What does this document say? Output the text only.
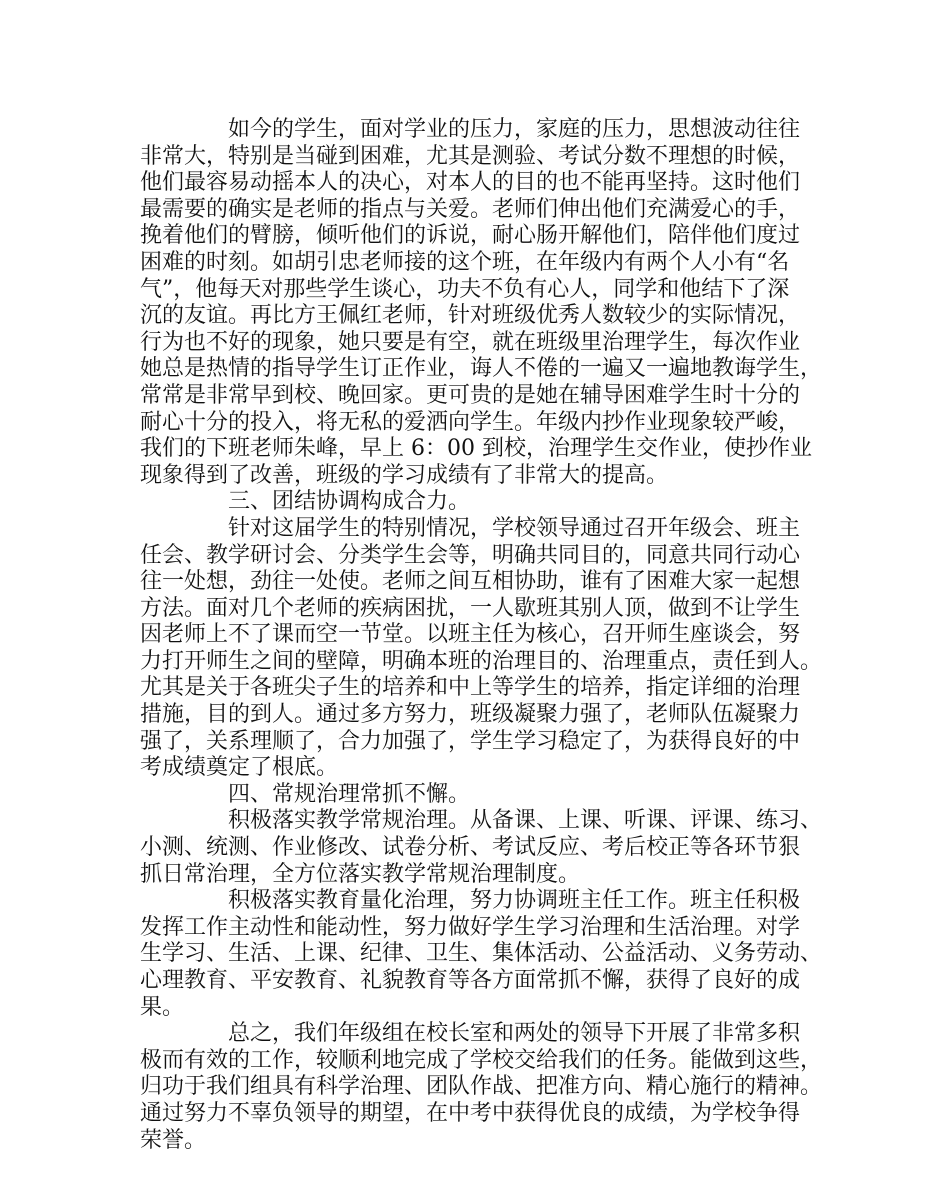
如今的学生，面对学业的压力，家庭的压力，思想波动往往
非常大，特别是当碰到困难，尤其是测验、考试分数不理想的时候，
他们最容易动摇本人的决心，对本人的目的也不能再坚持。这时他们
最需要的确实是老师的指点与关爱。老师们伸出他们充满爱心的手，
挽着他们的臂膀，倾听他们的诉说，耐心肠开解他们，陪伴他们度过
困难的时刻。如胡引忠老师接的这个班，在年级内有两个人小有“名
气”，他每天对那些学生谈心，功夫不负有心人，同学和他结下了深
沉的友谊。再比方王佩红老师，针对班级优秀人数较少的实际情况，
行为也不好的现象，她只要是有空，就在班级里治理学生，每次作业
她总是热情的指导学生订正作业，诲人不倦的一遍又一遍地教诲学生，
常常是非常早到校、晚回家。更可贵的是她在辅导困难学生时十分的
耐心十分的投入，将无私的爱洒向学生。年级内抄作业现象较严峻，
我们的下班老师朱峰，早上 6：00 到校，治理学生交作业，使抄作业
现象得到了改善，班级的学习成绩有了非常大的提高。
三、团结协调构成合力。
针对这届学生的特别情况，学校领导通过召开年级会、班主
任会、教学研讨会、分类学生会等，明确共同目的，同意共同行动心
往一处想，劲往一处使。老师之间互相协助，谁有了困难大家一起想
方法。面对几个老师的疾病困扰，一人歇班其别人顶，做到不让学生
因老师上不了课而空一节堂。以班主任为核心，召开师生座谈会，努
力打开师生之间的壁障，明确本班的治理目的、治理重点，责任到人。
尤其是关于各班尖子生的培养和中上等学生的培养，指定详细的治理
措施，目的到人。通过多方努力，班级凝聚力强了，老师队伍凝聚力
强了，关系理顺了，合力加强了，学生学习稳定了，为获得良好的中
考成绩奠定了根底。
四、常规治理常抓不懈。
积极落实教学常规治理。从备课、上课、听课、评课、练习、
小测、统测、作业修改、试卷分析、考试反应、考后校正等各环节狠
抓日常治理，全方位落实教学常规治理制度。
积极落实教育量化治理，努力协调班主任工作。班主任积极
发挥工作主动性和能动性，努力做好学生学习治理和生活治理。对学
生学习、生活、上课、纪律、卫生、集体活动、公益活动、义务劳动、
心理教育、平安教育、礼貌教育等各方面常抓不懈，获得了良好的成
果。
总之，我们年级组在校长室和两处的领导下开展了非常多积
极而有效的工作，较顺利地完成了学校交给我们的任务。能做到这些，
归功于我们组具有科学治理、团队作战、把准方向、精心施行的精神。
通过努力不辜负领导的期望，在中考中获得优良的成绩，为学校争得
荣誉。
